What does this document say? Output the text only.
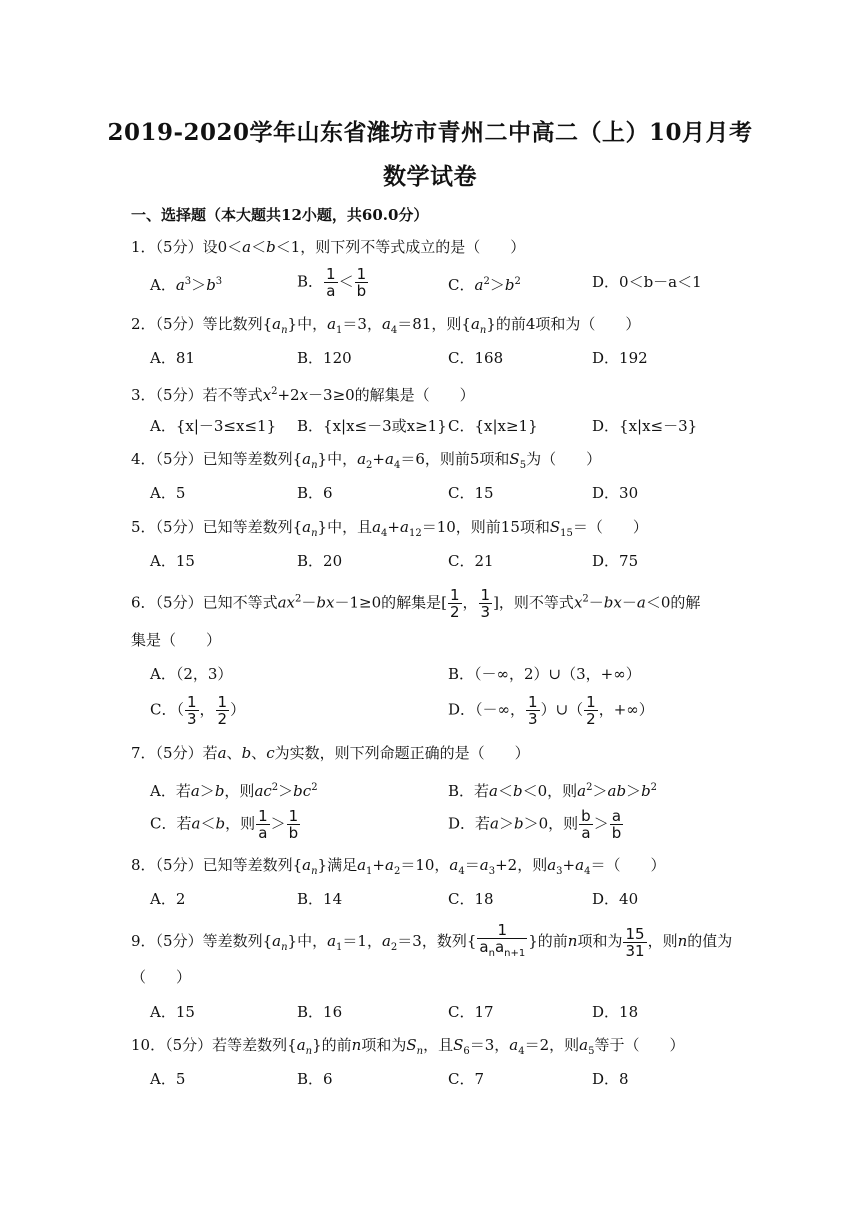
2019-2020学年山东省潍坊市青州二中高二（上）10月月考
数学试卷
一、选择题（本大题共12小题，共60.0分）
1．（5分）设0＜a＜b＜1，则下列不等式成立的是（　　）
A．$a^3>b^3$	B． $\frac{1}{a} < \frac{1}{b}$	C．$a^2>b^2$	D．0＜b－a＜1
2．（5分）等比数列$\{a_n\}$中，$a_1=3$，$a_4=81$，则$\{a_n\}$的前4项和为（　　）
A．81	B．120	C．168	D．192
3．（5分）若不等式$x^2+2x-3\ge 0$的解集是（　　）
A．{x|－3≤x≤1} B．{x|x≤－3或x≥1} C．{x|x≥1}	D．{x|x≤－3}
4．（5分）已知等差数列$\{a_n\}$中，$a_2+a_4=6$，则前5项和$S_5$为（　　）
A．5	B．6	C．15	D．30
5．（5分）已知等差数列$\{a_n\}$中，且$a_4+a_{12}=10$，则前15项和$S_{15}=$（　　）
A．15	B．20	C．21	D．75
6．（5分）已知不等式$ax^2-bx-1\ge 0$的解集是[ $\frac{1}{2}$ ， $\frac{1}{3}$ ]，则不等式$x^2-bx-a<0$的解
集是（　　）
A．（2，3）	B．（－∞，2）∪（3，+∞）
C．（ $\frac{1}{3}$ ， $\frac{1}{2}$ ）	D．（－∞， $\frac{1}{3}$ ）∪（ $\frac{1}{2}$ ，+∞）
7．（5分）若a、b、c为实数，则下列命题正确的是（　　）
A．若a＞b，则$ac^2>bc^2$	B．若a＜b＜0，则$a^2>ab>b^2$
C．若a＜b，则 $\frac{1}{a} > \frac{1}{b}$	D．若a＞b＞0，则 $\frac{b}{a} > \frac{a}{b}$
8．（5分）已知等差数列$\{a_n\}$满足$a_1+a_2=10$，$a_4=a_3+2$，则$a_3+a_4=$（　　）
A．2	B．14	C．18	D．40
9．（5分）等差数列$\{a_n\}$中，$a_1=1$，$a_2=3$，数列{ $\frac{1}{a_na_{n+1}}$ }的前n项和为 $\frac{15}{31}$ ，则n的值为
（　　）
A．15	B．16	C．17	D．18
10．（5分）若等差数列$\{a_n\}$的前n项和为$S_n$，且$S_6=3$，$a_4=2$，则$a_5$等于（　　）
A．5	B．6	C．7	D．8
